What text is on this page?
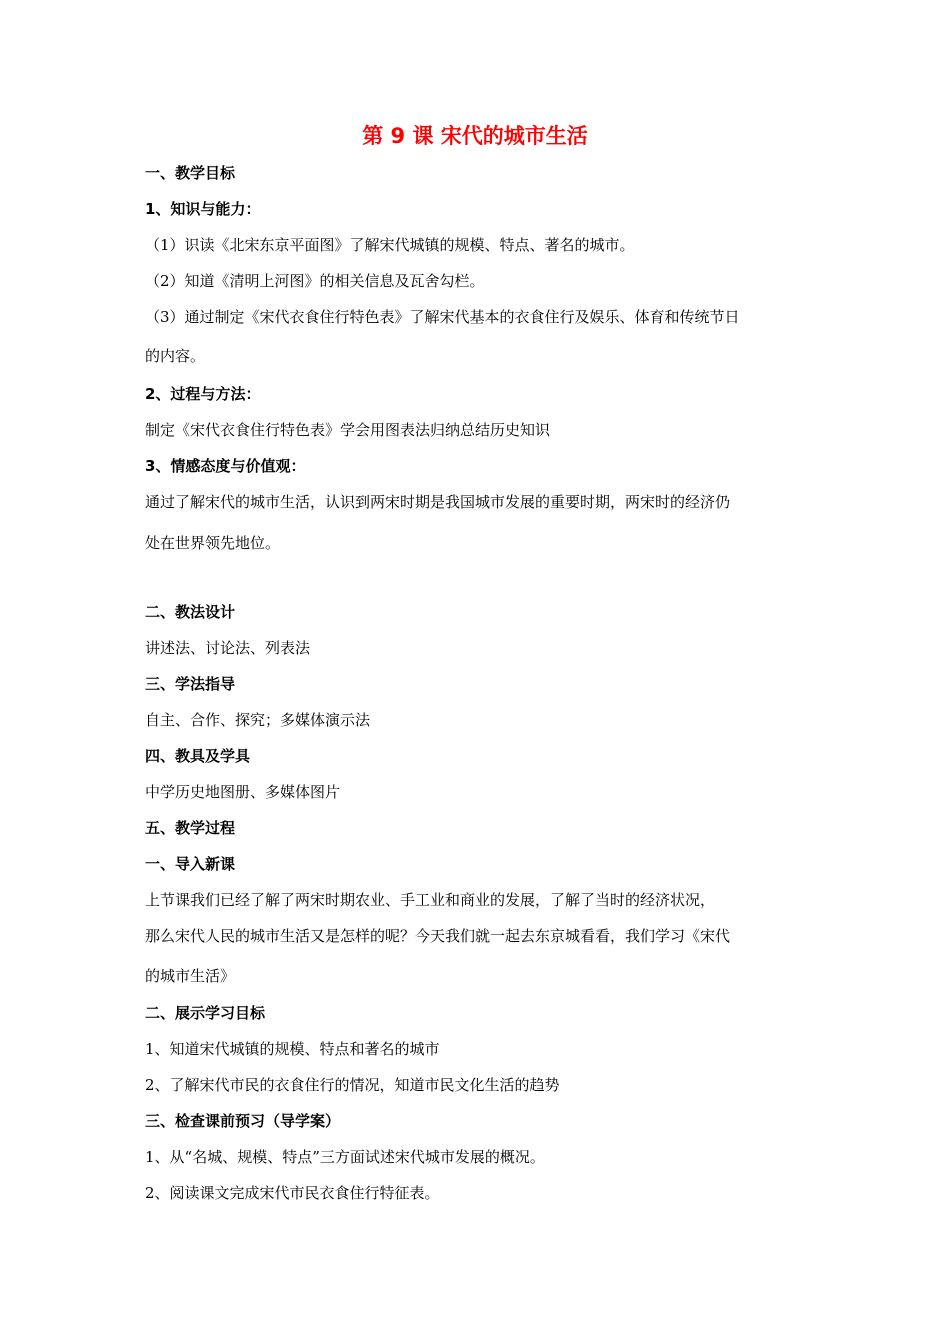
第 9 课 宋代的城市生活
一、教学目标
1、知识与能力：
（1）识读《北宋东京平面图》了解宋代城镇的规模、特点、著名的城市。
（2）知道《清明上河图》的相关信息及瓦舍勾栏。
（3）通过制定《宋代衣食住行特色表》了解宋代基本的衣食住行及娱乐、体育和传统节日
的内容。
2、过程与方法：
制定《宋代衣食住行特色表》学会用图表法归纳总结历史知识
3、情感态度与价值观：
通过了解宋代的城市生活，认识到两宋时期是我国城市发展的重要时期，两宋时的经济仍
处在世界领先地位。
二、教法设计
讲述法、讨论法、列表法
三、学法指导
自主、合作、探究；多媒体演示法
四、教具及学具
中学历史地图册、多媒体图片
五、教学过程
一、导入新课
上节课我们已经了解了两宋时期农业、手工业和商业的发展，了解了当时的经济状况，
那么宋代人民的城市生活又是怎样的呢？今天我们就一起去东京城看看，我们学习《宋代
的城市生活》
二、展示学习目标
1、知道宋代城镇的规模、特点和著名的城市
2、了解宋代市民的衣食住行的情况，知道市民文化生活的趋势
三、检查课前预习（导学案）
1、从“名城、规模、特点”三方面试述宋代城市发展的概况。
2、阅读课文完成宋代市民衣食住行特征表。
